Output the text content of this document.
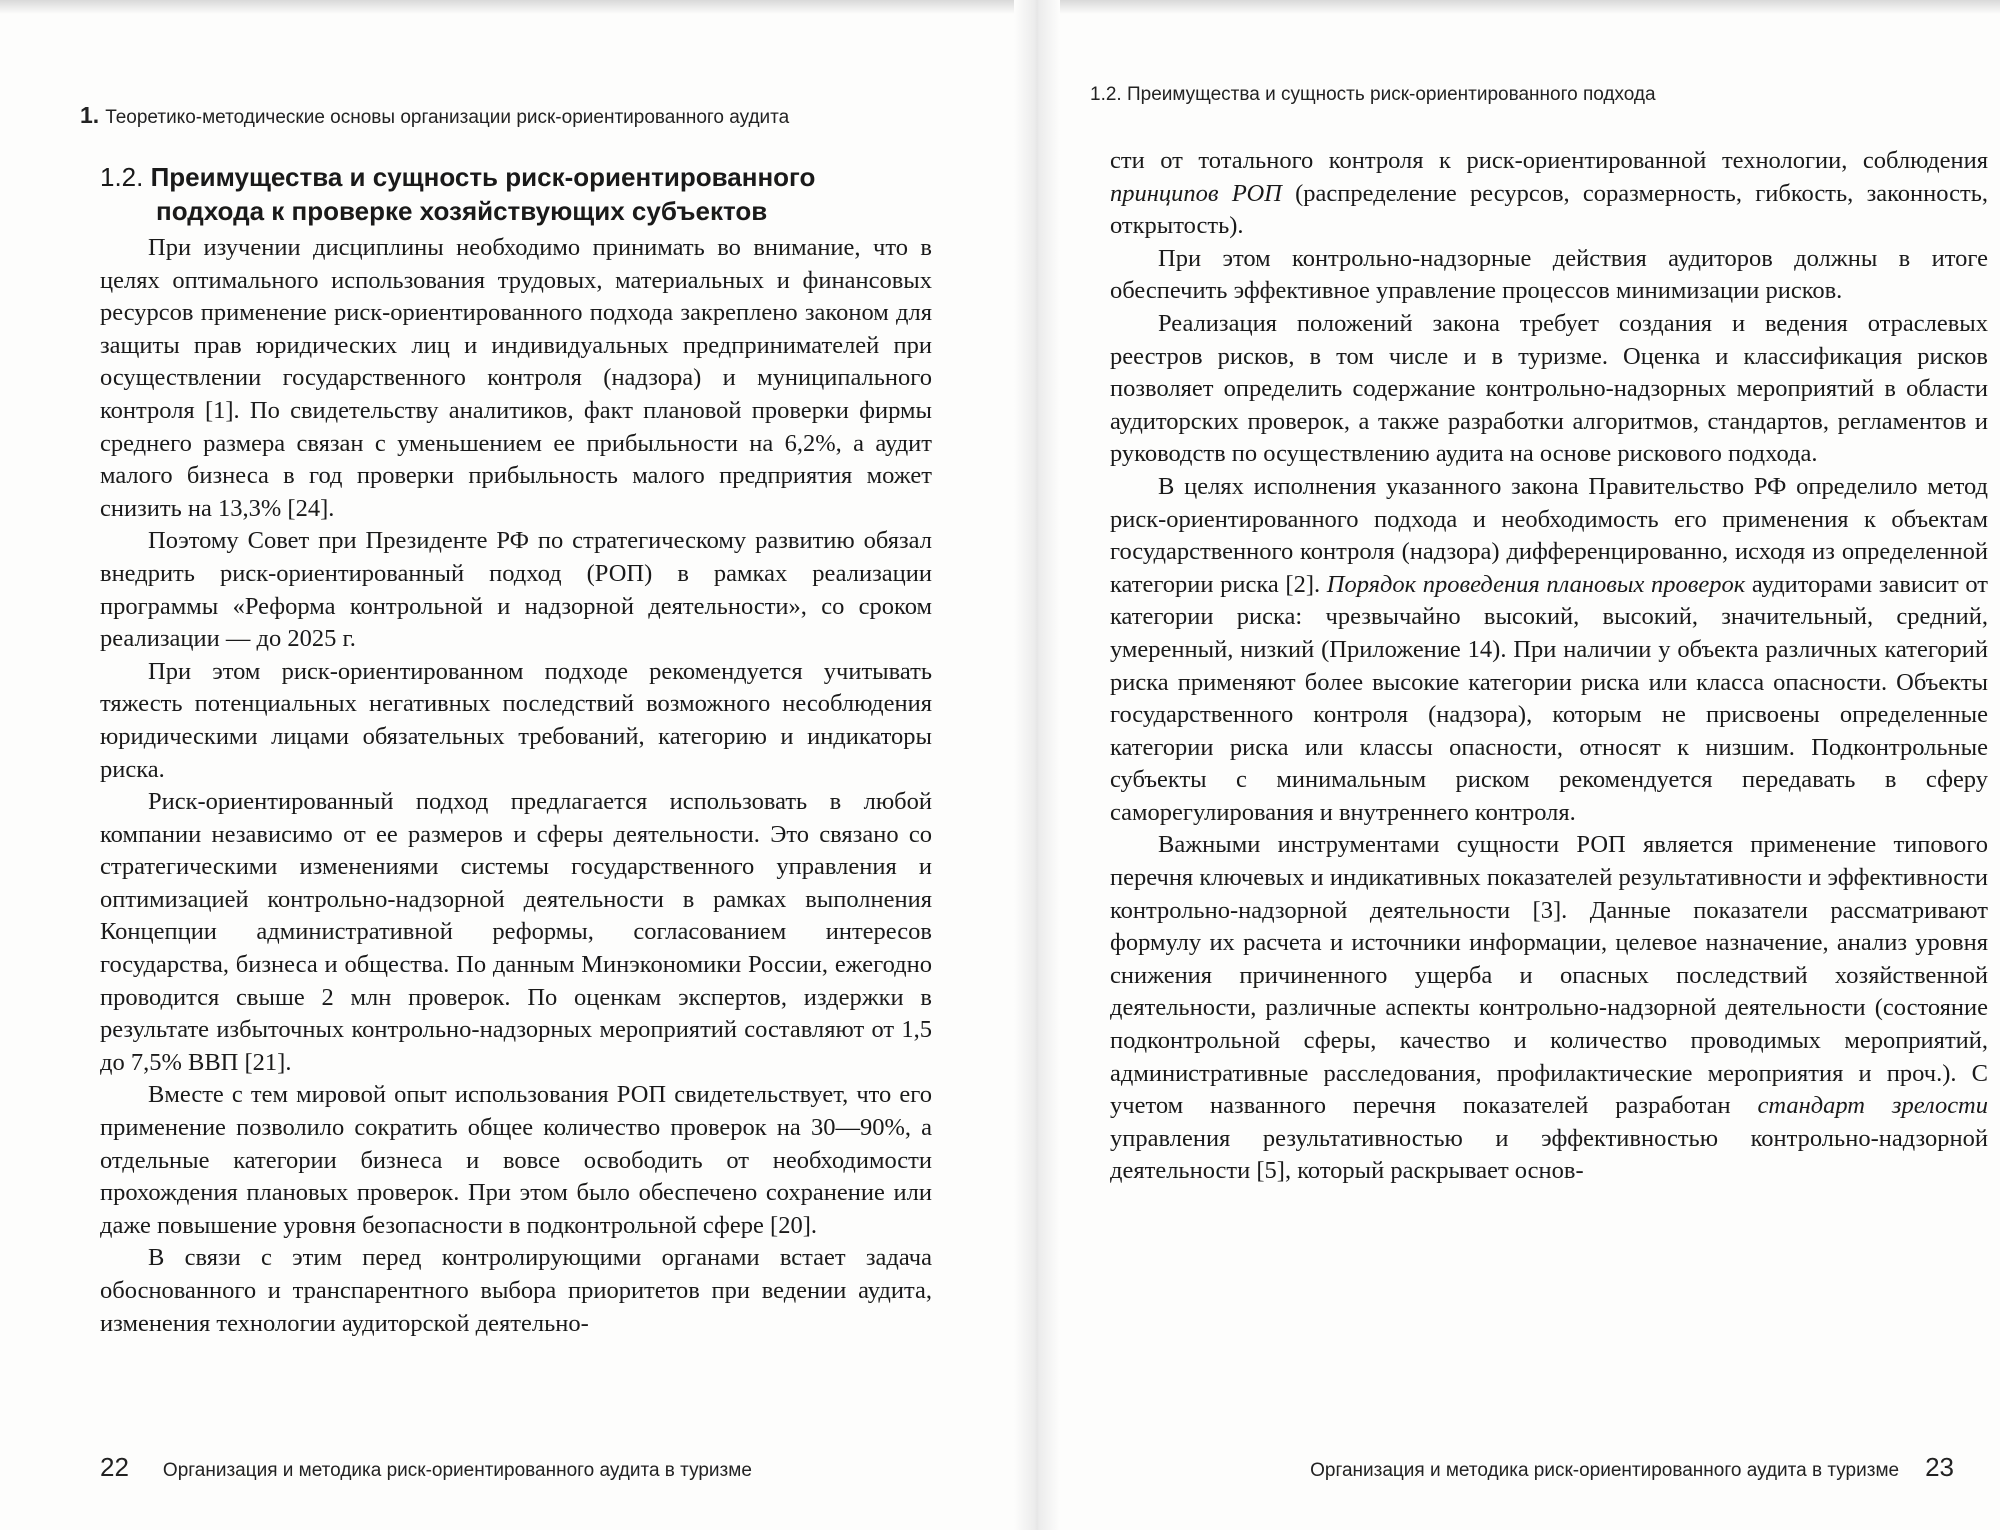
1. Теоретико-методические основы организации риск-ориентированного аудита
1.2. Преимущества и сущность риск-ориентированного
подхода к проверке хозяйствующих субъектов

При изучении дисциплины необходимо принимать во внимание, что в целях оптимального использования трудовых, материальных и финансовых ресурсов применение риск-ориентированного подхода закреплено законом для защиты прав юридических лиц и индивидуальных предпринимателей при осуществлении государственного контроля (надзора) и муниципального контроля [1]. По свидетельству аналитиков, факт плановой проверки фирмы среднего размера связан с уменьшением ее прибыльности на 6,2%, а аудит малого бизнеса в год проверки прибыльность малого предприятия может снизить на 13,3% [24].

Поэтому Совет при Президенте РФ по стратегическому развитию обязал внедрить риск-ориентированный подход (РОП) в рамках реализации программы «Реформа контрольной и надзорной деятельности», со сроком реализации — до 2025 г.

При этом риск-ориентированном подходе рекомендуется учитывать тяжесть потенциальных негативных последствий возможного несоблюдения юридическими лицами обязательных требований, категорию и индикаторы риска.

Риск-ориентированный подход предлагается использовать в любой компании независимо от ее размеров и сферы деятельности. Это связано со стратегическими изменениями системы государственного управления и оптимизацией контрольно-надзорной деятельности в рамках выполнения Концепции административной реформы, согласованием интересов государства, бизнеса и общества. По данным Минэкономики России, ежегодно проводится свыше 2 млн проверок. По оценкам экспертов, издержки в результате избыточных контрольно-надзорных мероприятий составляют от 1,5 до 7,5% ВВП [21].

Вместе с тем мировой опыт использования РОП свидетельствует, что его применение позволило сократить общее количество проверок на 30—90%, а отдельные категории бизнеса и вовсе освободить от необходимости прохождения плановых проверок. При этом было обеспечено сохранение или даже повышение уровня безопасности в подконтрольной сфере [20].

В связи с этим перед контролирующими органами встает задача обоснованного и транспарентного выбора приоритетов при ведении аудита, изменения технологии аудиторской деятельно-

22 Организация и методика риск-ориентированного аудита в туризме
1.2. Преимущества и сущность риск-ориентированного подхода

сти от тотального контроля к риск-ориентированной технологии, соблюдения принципов РОП (распределение ресурсов, соразмерность, гибкость, законность, открытость).

При этом контрольно-надзорные действия аудиторов должны в итоге обеспечить эффективное управление процессов минимизации рисков.

Реализация положений закона требует создания и ведения отраслевых реестров рисков, в том числе и в туризме. Оценка и классификация рисков позволяет определить содержание контрольно-надзорных мероприятий в области аудиторских проверок, а также разработки алгоритмов, стандартов, регламентов и руководств по осуществлению аудита на основе рискового подхода.

В целях исполнения указанного закона Правительство РФ определило метод риск-ориентированного подхода и необходимость его применения к объектам государственного контроля (надзора) дифференцированно, исходя из определенной категории риска [2]. Порядок проведения плановых проверок аудиторами зависит от категории риска: чрезвычайно высокий, высокий, значительный, средний, умеренный, низкий (Приложение 14). При наличии у объекта различных категорий риска применяют более высокие категории риска или класса опасности. Объекты государственного контроля (надзора), которым не присвоены определенные категории риска или классы опасности, относят к низшим. Подконтрольные субъекты с минимальным риском рекомендуется передавать в сферу саморегулирования и внутреннего контроля.

Важными инструментами сущности РОП является применение типового перечня ключевых и индикативных показателей результативности и эффективности контрольно-надзорной деятельности [3]. Данные показатели рассматривают формулу их расчета и источники информации, целевое назначение, анализ уровня снижения причиненного ущерба и опасных последствий хозяйственной деятельности, различные аспекты контрольно-надзорной деятельности (состояние подконтрольной сферы, качество и количество проводимых мероприятий, административные расследования, профилактические мероприятия и проч.). С учетом названного перечня показателей разработан стандарт зрелости управления результативностью и эффективностью контрольно-надзорной деятельности [5], который раскрывает основ-

Организация и методика риск-ориентированного аудита в туризме 23
